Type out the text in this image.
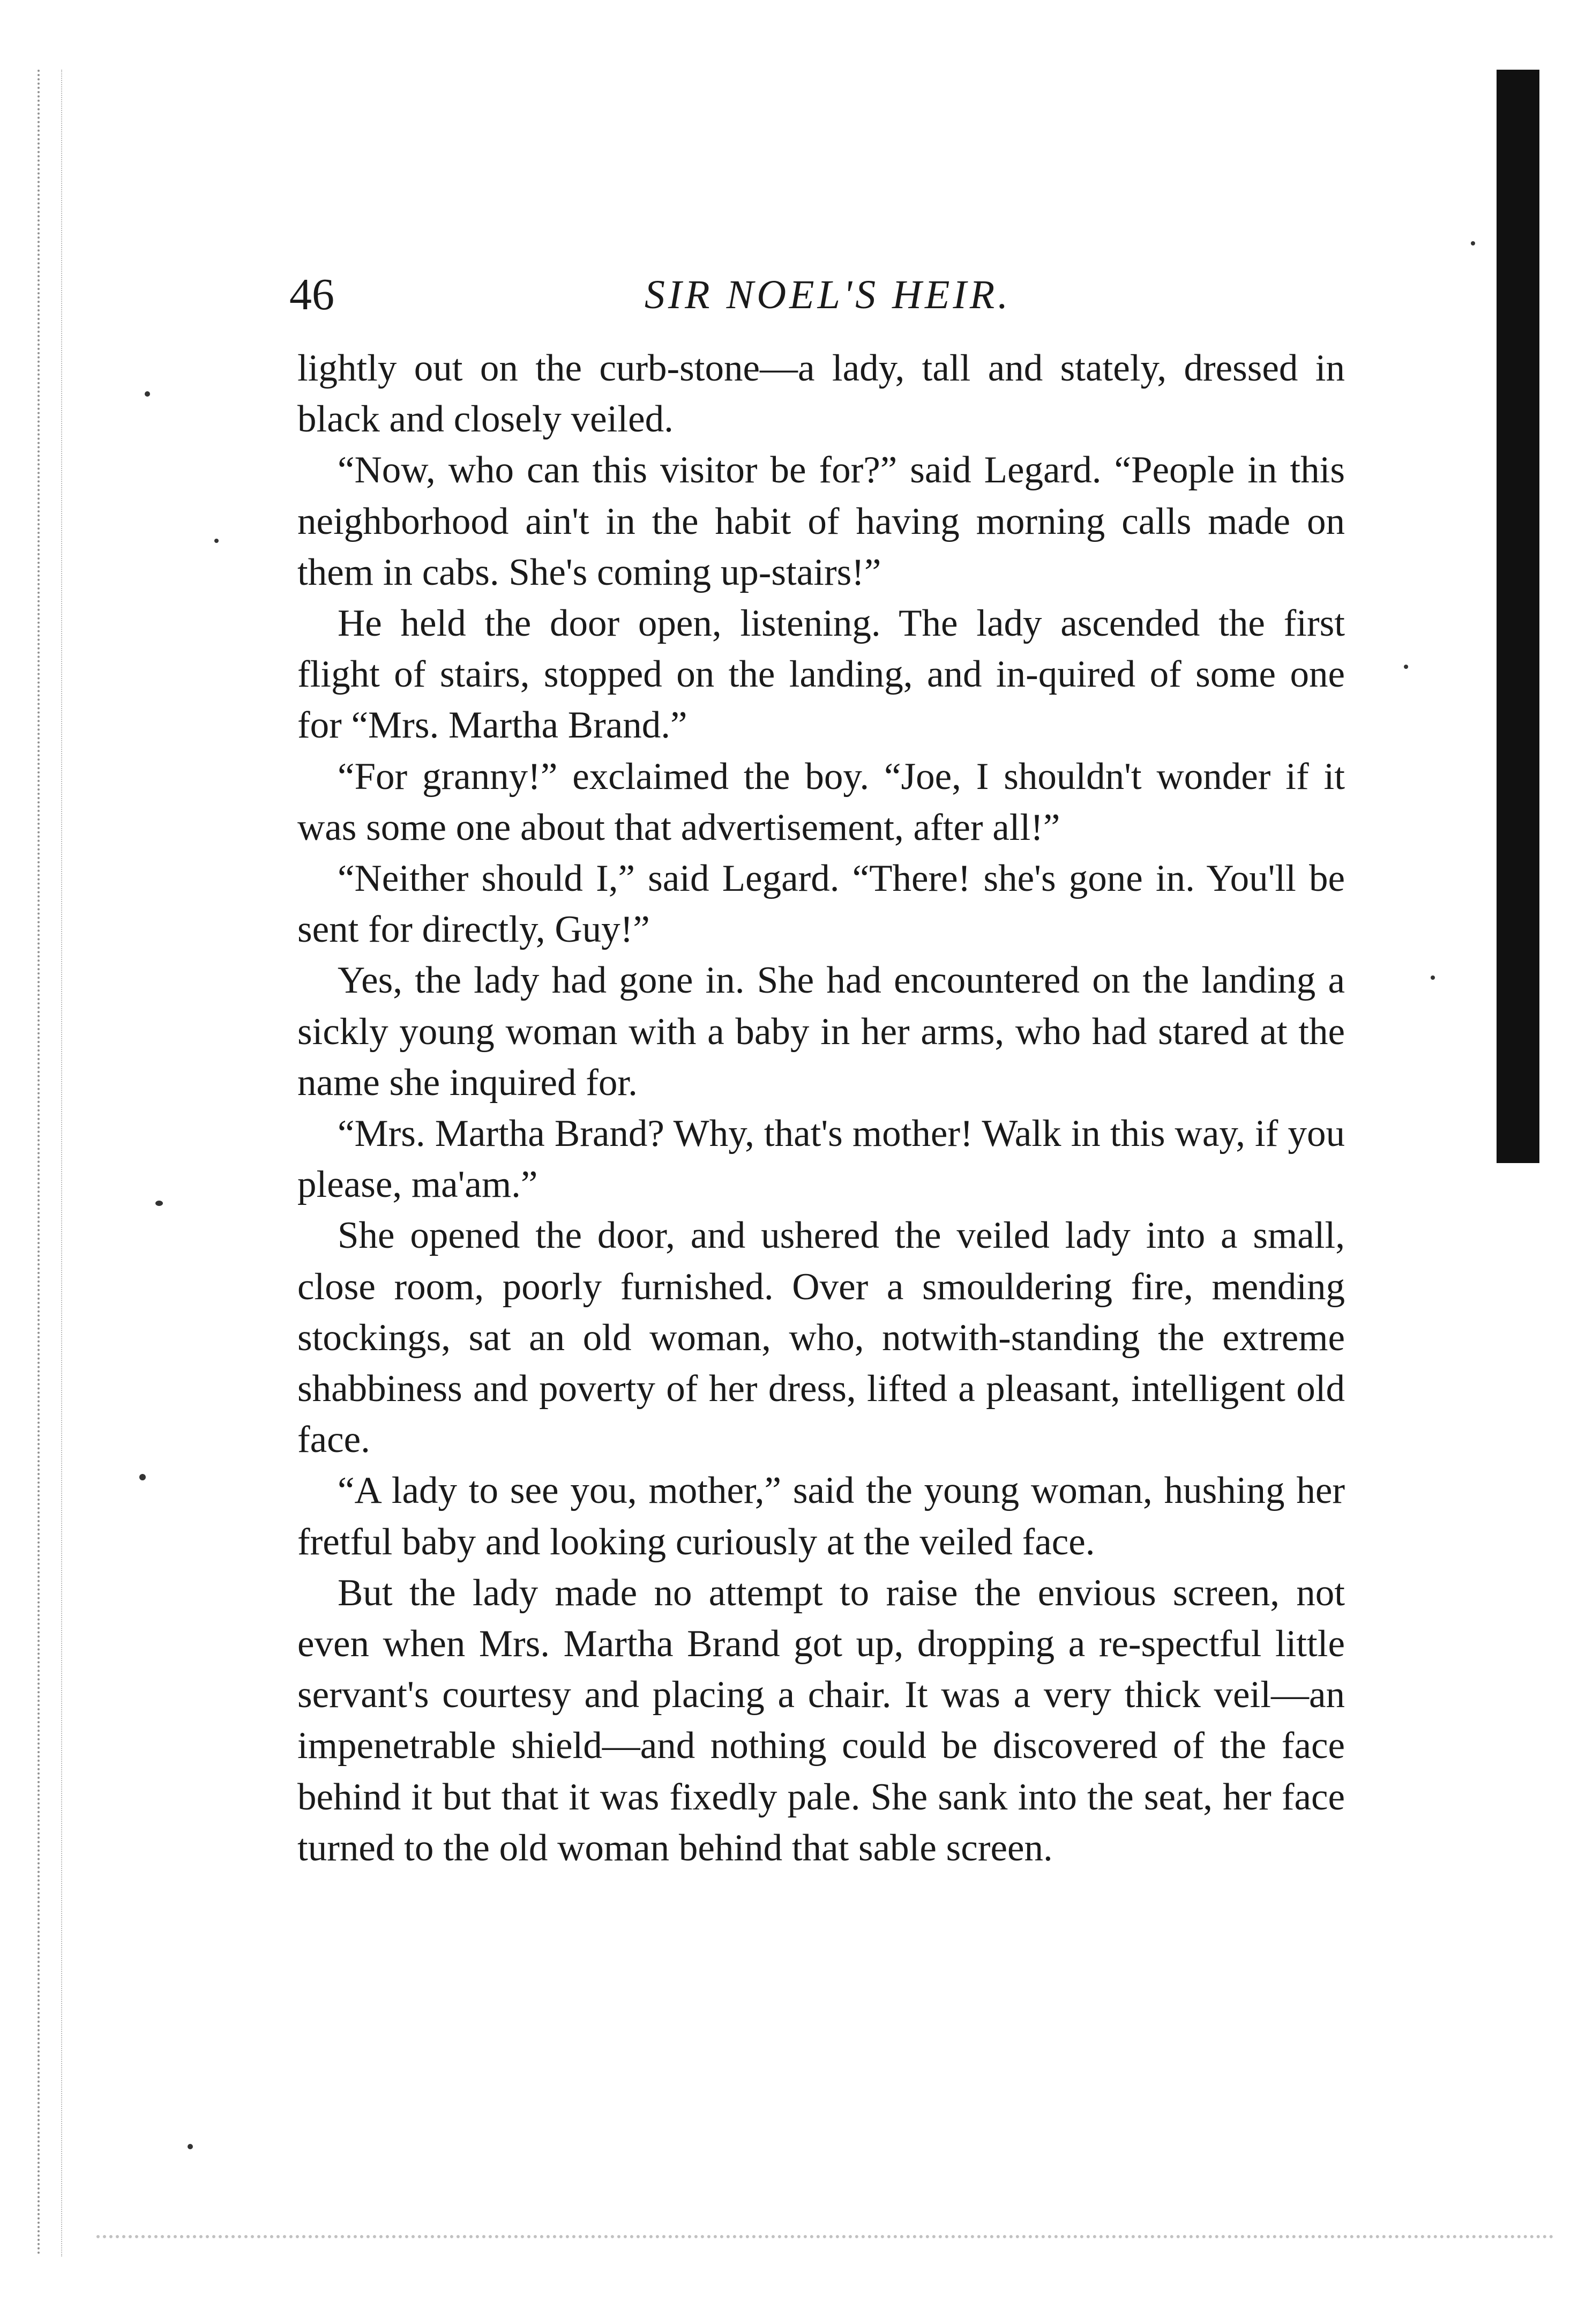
46	SIR NOEL'S HEIR.

lightly out on the curb-stone—a lady, tall and stately, dressed in black and closely veiled.

“Now, who can this visitor be for?” said Legard. “People in this neighborhood ain't in the habit of having morning calls made on them in cabs. She's coming up-stairs!”

He held the door open, listening. The lady ascended the first flight of stairs, stopped on the landing, and in-quired of some one for “Mrs. Martha Brand.”

“For granny!” exclaimed the boy. “Joe, I shouldn't wonder if it was some one about that advertisement, after all!”

“Neither should I,” said Legard. “There! she's gone in. You'll be sent for directly, Guy!”

Yes, the lady had gone in. She had encountered on the landing a sickly young woman with a baby in her arms, who had stared at the name she inquired for.

“Mrs. Martha Brand? Why, that's mother! Walk in this way, if you please, ma'am.”

She opened the door, and ushered the veiled lady into a small, close room, poorly furnished. Over a smouldering fire, mending stockings, sat an old woman, who, notwith-standing the extreme shabbiness and poverty of her dress, lifted a pleasant, intelligent old face.

“A lady to see you, mother,” said the young woman, hushing her fretful baby and looking curiously at the veiled face.

But the lady made no attempt to raise the envious screen, not even when Mrs. Martha Brand got up, dropping a re-spectful little servant's courtesy and placing a chair. It was a very thick veil—an impenetrable shield—and nothing could be discovered of the face behind it but that it was fixedly pale. She sank into the seat, her face turned to the old woman behind that sable screen.
